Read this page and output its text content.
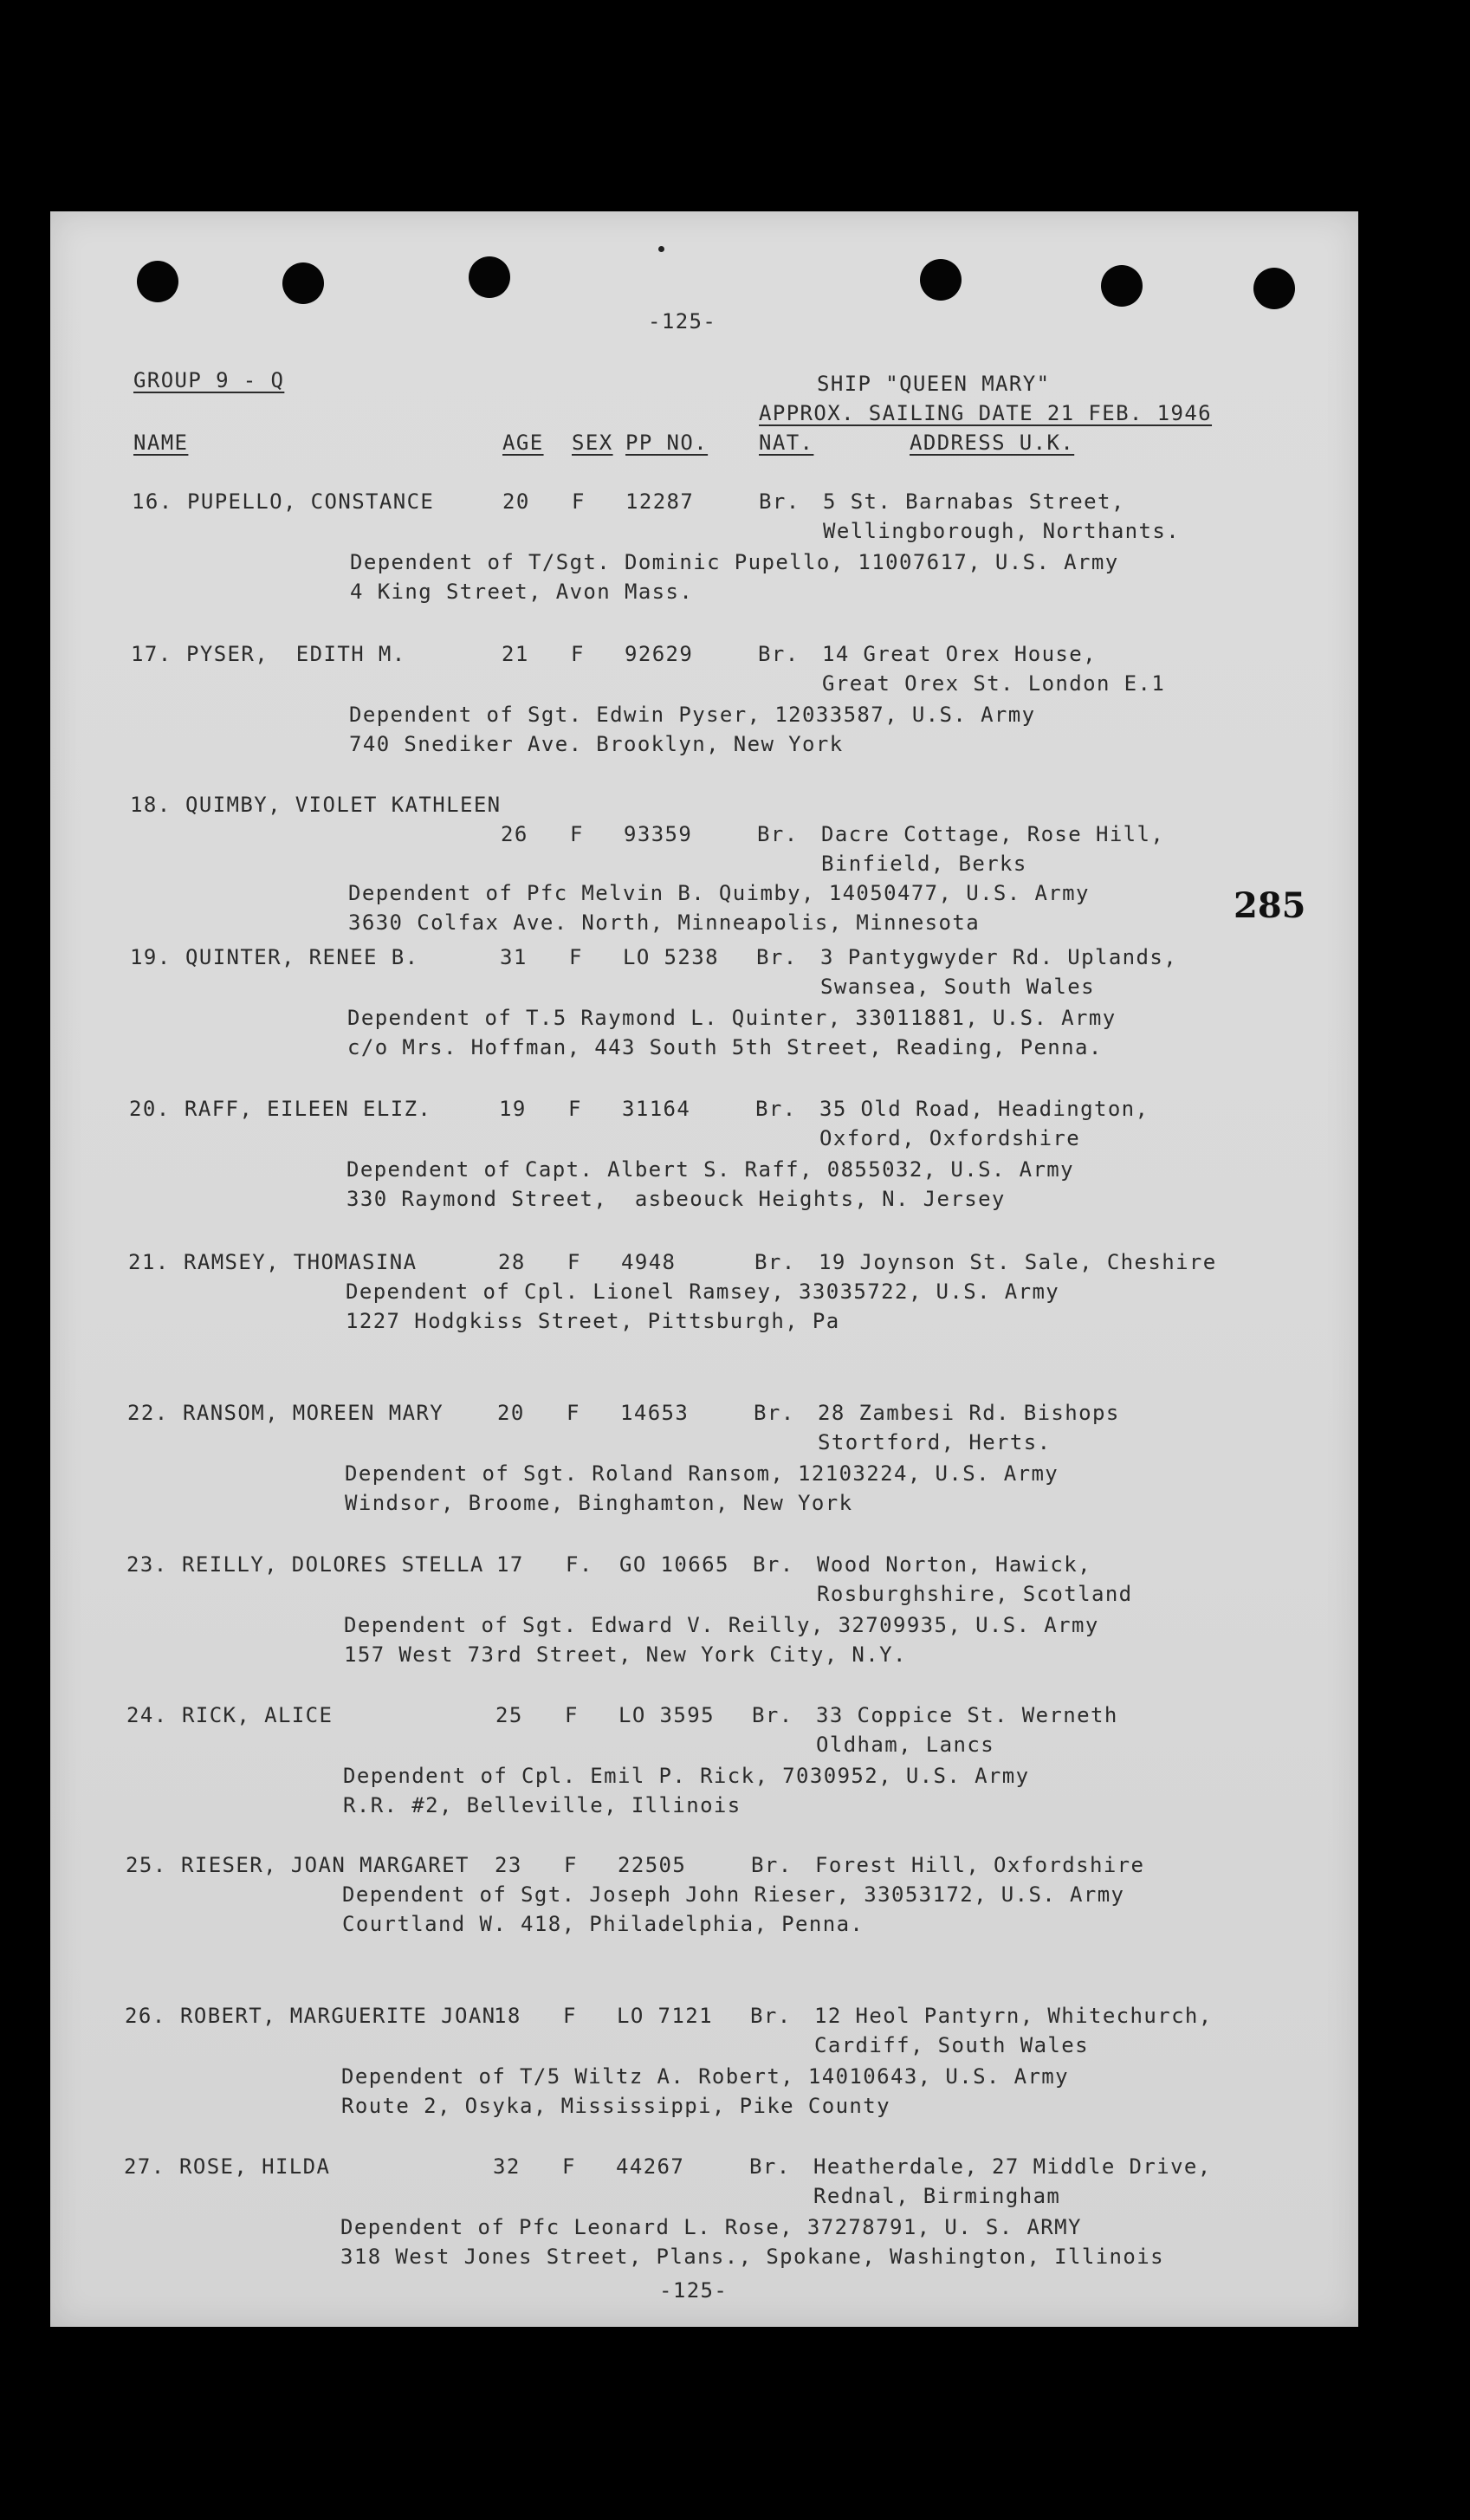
-125-
GROUP 9 - Q	SHIP "QUEEN MARY"
APPROX. SAILING DATE 21 FEB. 1946
NAME	AGE SEX PP NO. NAT.	ADDRESS U.K.
285
16. PUPELLO, CONSTANCE	20 F 12287	Br. 5 St. Barnabas Street,
Wellingborough, Northants.
Dependent of T/Sgt. Dominic Pupello, 11007617, U.S. Army
4 King Street, Avon Mass.
17. PYSER,  EDITH M.	21 F 92629	Br. 14 Great Orex House,
Great Orex St. London E.1
Dependent of Sgt. Edwin Pyser, 12033587, U.S. Army
740 Snediker Ave. Brooklyn, New York
18. QUIMBY, VIOLET KATHLEEN
26 F 93359	Br. Dacre Cottage, Rose Hill,
Binfield, Berks
Dependent of Pfc Melvin B. Quimby, 14050477, U.S. Army
3630 Colfax Ave. North, Minneapolis, Minnesota
19. QUINTER, RENEE B.	31 F LO 5238 Br. 3 Pantygwyder Rd. Uplands,
Swansea, South Wales
Dependent of T.5 Raymond L. Quinter, 33011881, U.S. Army
c/o Mrs. Hoffman, 443 South 5th Street, Reading, Penna.
20. RAFF, EILEEN ELIZ.	19 F 31164	Br. 35 Old Road, Headington,
Oxford, Oxfordshire
Dependent of Capt. Albert S. Raff, 0855032, U.S. Army
330 Raymond Street,  asbeouck Heights, N. Jersey
21. RAMSEY, THOMASINA	28 F 4948	Br. 19 Joynson St. Sale, Cheshire
Dependent of Cpl. Lionel Ramsey, 33035722, U.S. Army
1227 Hodgkiss Street, Pittsburgh, Pa
22. RANSOM, MOREEN MARY	20 F 14653	Br. 28 Zambesi Rd. Bishops
Stortford, Herts.
Dependent of Sgt. Roland Ransom, 12103224, U.S. Army
Windsor, Broome, Binghamton, New York
23. REILLY, DOLORES STELLA 17 F. GO 10665 Br. Wood Norton, Hawick,
Rosburghshire, Scotland
Dependent of Sgt. Edward V. Reilly, 32709935, U.S. Army
157 West 73rd Street, New York City, N.Y.
24. RICK, ALICE	25 F LO 3595 Br. 33 Coppice St. Werneth
Oldham, Lancs
Dependent of Cpl. Emil P. Rick, 7030952, U.S. Army
R.R. #2, Belleville, Illinois
25. RIESER, JOAN MARGARET 23 F 22505	Br. Forest Hill, Oxfordshire
Dependent of Sgt. Joseph John Rieser, 33053172, U.S. Army
Courtland W. 418, Philadelphia, Penna.
26. ROBERT, MARGUERITE JOAN
18 F LO 7121 Br. 12 Heol Pantyrn, Whitechurch,
Cardiff, South Wales
Dependent of T/5 Wiltz A. Robert, 14010643, U.S. Army
Route 2, Osyka, Mississippi, Pike County
27. ROSE, HILDA	32 F 44267	Br. Heatherdale, 27 Middle Drive,
Rednal, Birmingham
Dependent of Pfc Leonard L. Rose, 37278791, U. S. ARMY
318 West Jones Street, Plans., Spokane, Washington, Illinois
-125-
